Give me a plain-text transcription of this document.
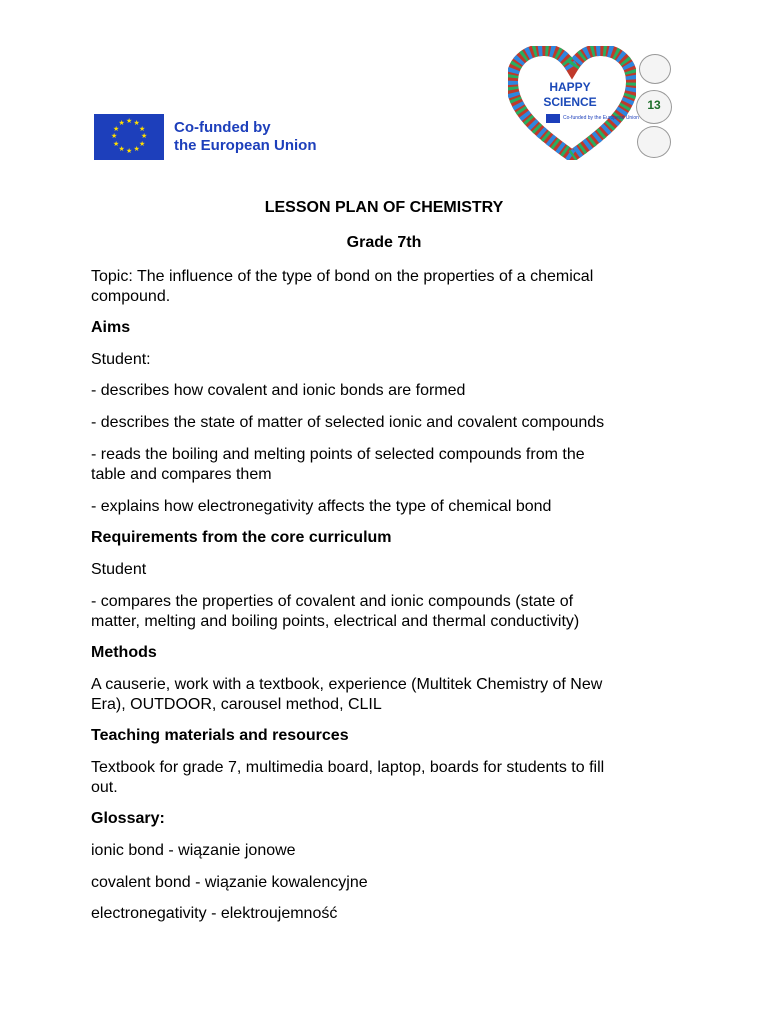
★ ★
★
★
★
★
★
★
★
★
★
★	Co-funded by
the European Union
HAPPY
SCIENCE
Co-funded by the European Union
13
LESSON PLAN OF CHEMISTRY
Grade 7th
Topic: The influence of the type of bond on the properties of a chemical
compound.
Aims
Student:
- describes how covalent and ionic bonds are formed
- describes the state of matter of selected ionic and covalent compounds
- reads the boiling and melting points of selected compounds from the
table and compares them
- explains how electronegativity affects the type of chemical bond
Requirements from the core curriculum
Student
- compares the properties of covalent and ionic compounds (state of
matter, melting and boiling points, electrical and thermal conductivity)
Methods
A causerie, work with a textbook, experience (Multitek Chemistry of New
Era), OUTDOOR, carousel method, CLIL
Teaching materials and resources
Textbook for grade 7, multimedia board, laptop, boards for students to fill
out.
Glossary:
ionic bond - wiązanie jonowe
covalent bond - wiązanie kowalencyjne
electronegativity - elektroujemność
